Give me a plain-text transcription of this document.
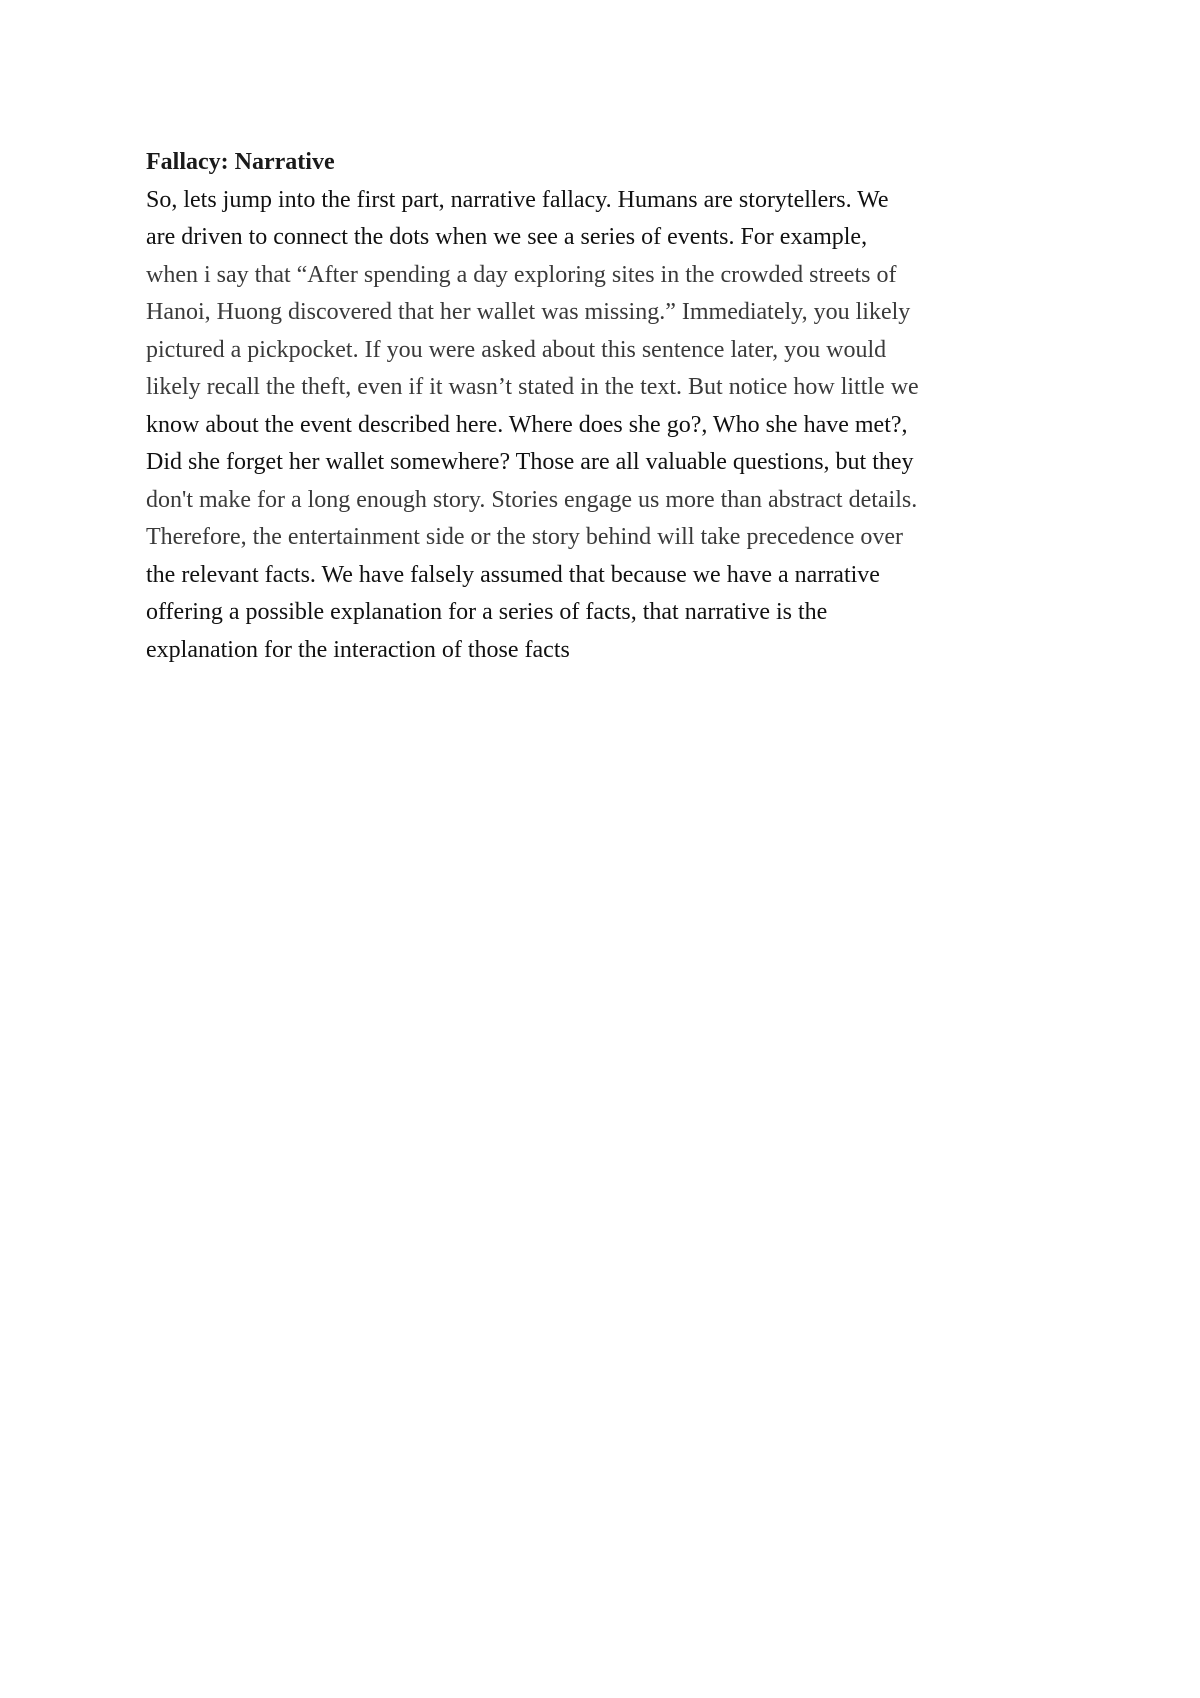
Fallacy: Narrative
So, lets jump into the first part, narrative fallacy. Humans are storytellers. We
are driven to connect the dots when we see a series of events. For example,
when i say that “After spending a day exploring sites in the crowded streets of
Hanoi, Huong discovered that her wallet was missing.” Immediately, you likely
pictured a pickpocket. If you were asked about this sentence later, you would
likely recall the theft, even if it wasn’t stated in the text. But notice how little we
know about the event described here. Where does she go?, Who she have met?,
Did she forget her wallet somewhere? Those are all valuable questions, but they
don't make for a long enough story. Stories engage us more than abstract details.
Therefore, the entertainment side or the story behind will take precedence over
the relevant facts. We have falsely assumed that because we have a narrative
offering a possible explanation for a series of facts, that narrative is the
explanation for the interaction of those facts
